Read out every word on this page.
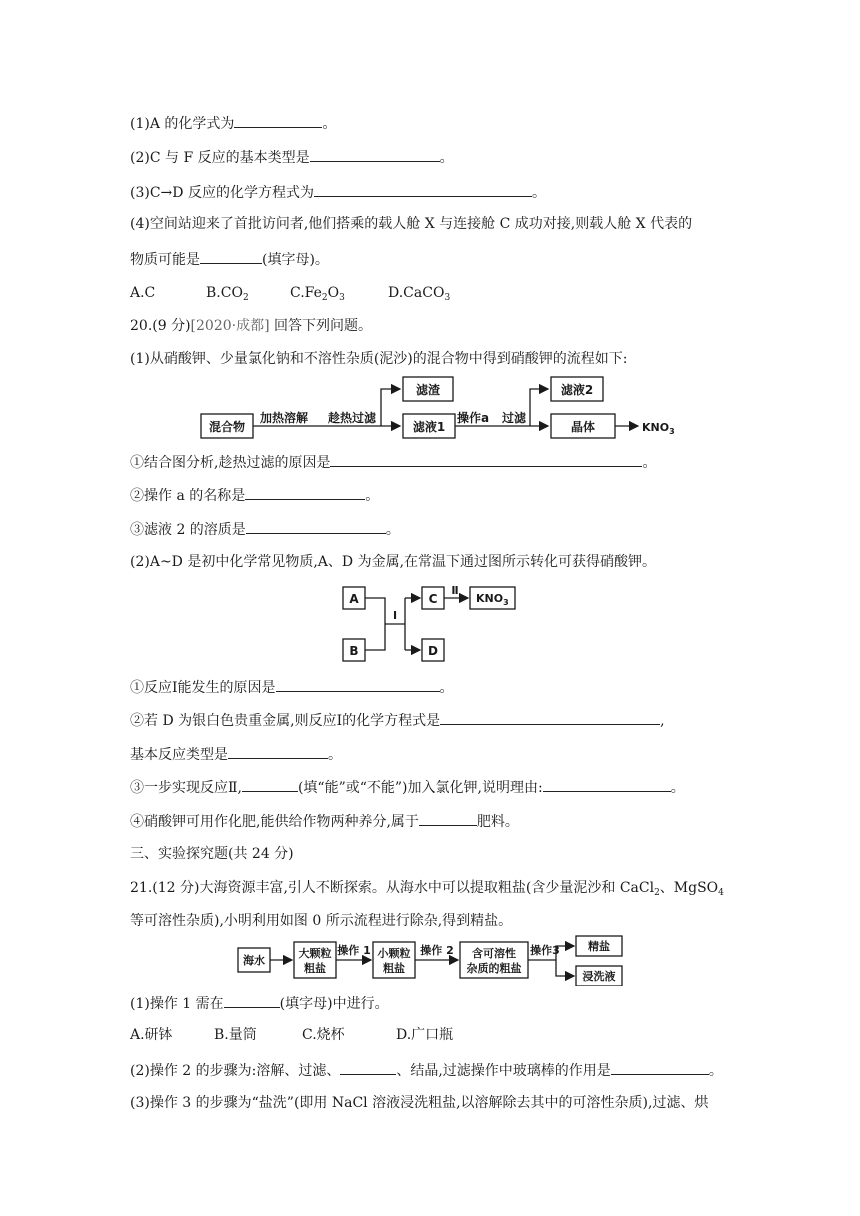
(1)A 的化学式为	。
(2)C 与 F 反应的基本类型是	。
(3)C→D 反应的化学方程式为	。
(4)空间站迎来了首批访问者,他们搭乘的载人舱 X 与连接舱 C 成功对接,则载人舱 X 代表的
物质可能是	(填字母)。
A.C	$B.CO_2$	$C.Fe_2O_3$	D.CaCO$_3$
20.(9 分)[2020·成都] 回答下列问题。
(1)从硝酸钾、少量氯化钠和不溶性杂质(泥沙)的混合物中得到硝酸钾的流程如下:
混合物
加热溶解 趁热过滤
滤渣
滤液1
操作a 过滤
滤液2
晶体	$KNO_3$
①结合图分析,趁热过滤的原因是	。
②操作 a 的名称是	。
③滤液 2 的溶质是	。
(2)A~D 是初中化学常见物质,A、D 为金属,在常温下通过图所示转化可获得硝酸钾。
A
B
Ⅰ
C
D
Ⅱ
$KNO_3$
①反应Ⅰ能发生的原因是	。
②若 D 为银白色贵重金属,则反应Ⅰ的化学方程式是	,
基本反应类型是	。
③一步实现反应Ⅱ,	(填“能”或“不能”)加入氯化钾,说明理由:	。
④硝酸钾可用作化肥,能供给作物两种养分,属于	肥料。
三、实验探究题(共 24 分)
21.(12 分)大海资源丰富,引人不断探索。从海水中可以提取粗盐(含少量泥沙和 CaCl$_2$、MgSO$_4$
等可溶性杂质),小明利用如图 0 所示流程进行除杂,得到精盐。
海水
大颗粒
粗盐
操作 1 小颗粒
粗盐
操作 2 含可溶性
杂质的粗盐
操作3	精盐
浸洗液
(1)操作 1 需在	(填字母)中进行。
A.研钵	B.量筒	C.烧杯	D.广口瓶
(2)操作 2 的步骤为:溶解、过滤、	、结晶,过滤操作中玻璃棒的作用是	。
(3)操作 3 的步骤为“盐洗”(即用 NaCl 溶液浸洗粗盐,以溶解除去其中的可溶性杂质),过滤、烘
